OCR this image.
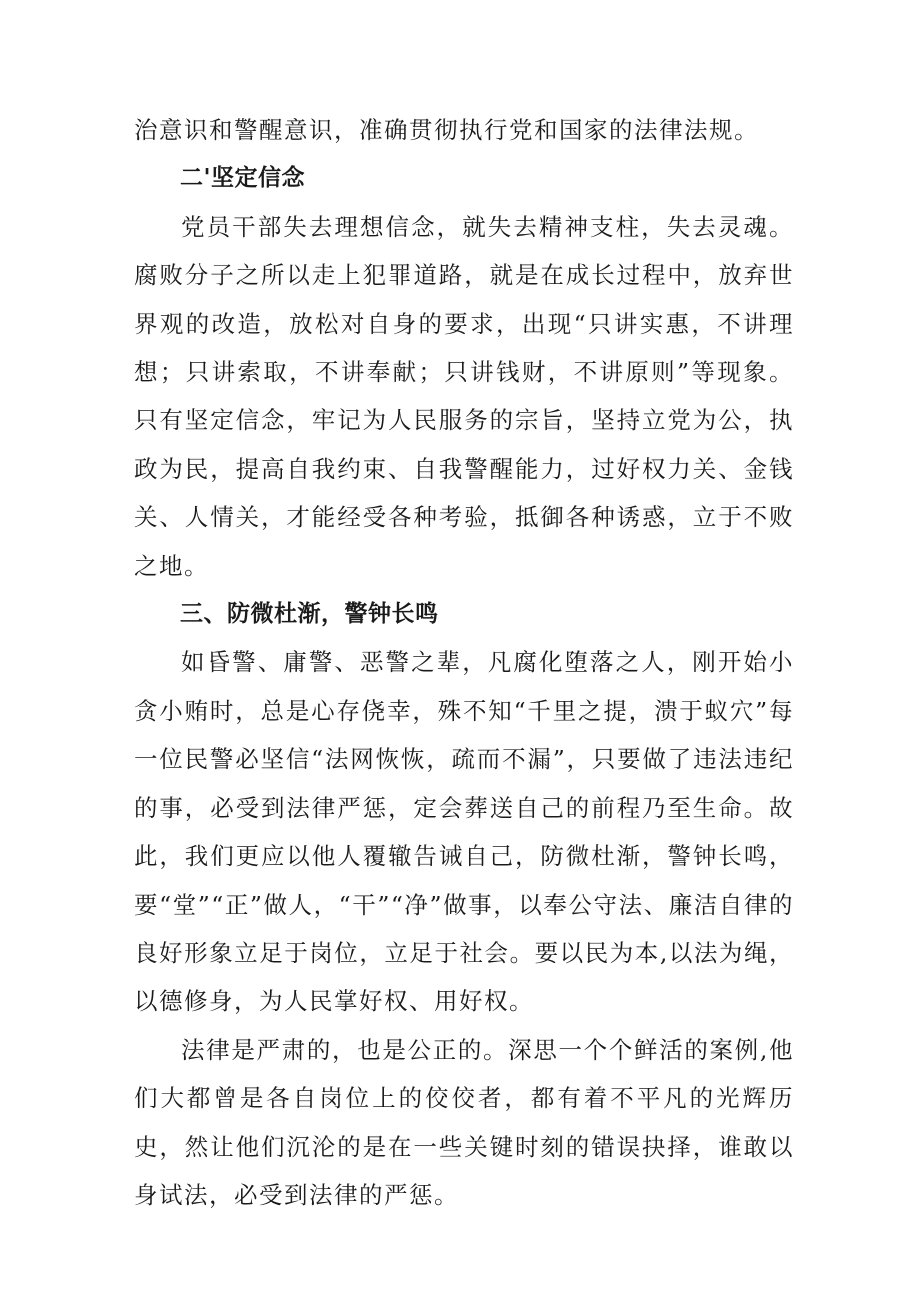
治意识和警醒意识，准确贯彻执行党和国家的法律法规。

二'坚定信念

党员干部失去理想信念，就失去精神支柱，失去灵魂。腐败分子之所以走上犯罪道路，就是在成长过程中，放弃世界观的改造，放松对自身的要求，出现“只讲实惠，不讲理想；只讲索取，不讲奉献；只讲钱财，不讲原则”等现象。只有坚定信念，牢记为人民服务的宗旨，坚持立党为公，执政为民，提高自我约束、自我警醒能力，过好权力关、金钱关、人情关，才能经受各种考验，抵御各种诱惑，立于不败之地。

三、防微杜渐，警钟长鸣

如昏警、庸警、恶警之辈，凡腐化堕落之人，刚开始小贪小贿时，总是心存侥幸，殊不知“千里之提，溃于蚁穴”每一位民警必坚信“法网恢恢，疏而不漏”，只要做了违法违纪的事，必受到法律严惩，定会葬送自己的前程乃至生命。故此，我们更应以他人覆辙告诫自己，防微杜渐，警钟长鸣，要“堂”“正”做人，“干”“净”做事，以奉公守法、廉洁自律的良好形象立足于岗位，立足于社会。要以民为本,以法为绳，以德修身，为人民掌好权、用好权。

法律是严肃的，也是公正的。深思一个个鲜活的案例,他们大都曾是各自岗位上的佼佼者，都有着不平凡的光辉历史，然让他们沉沦的是在一些关键时刻的错误抉择，谁敢以身试法，必受到法律的严惩。
